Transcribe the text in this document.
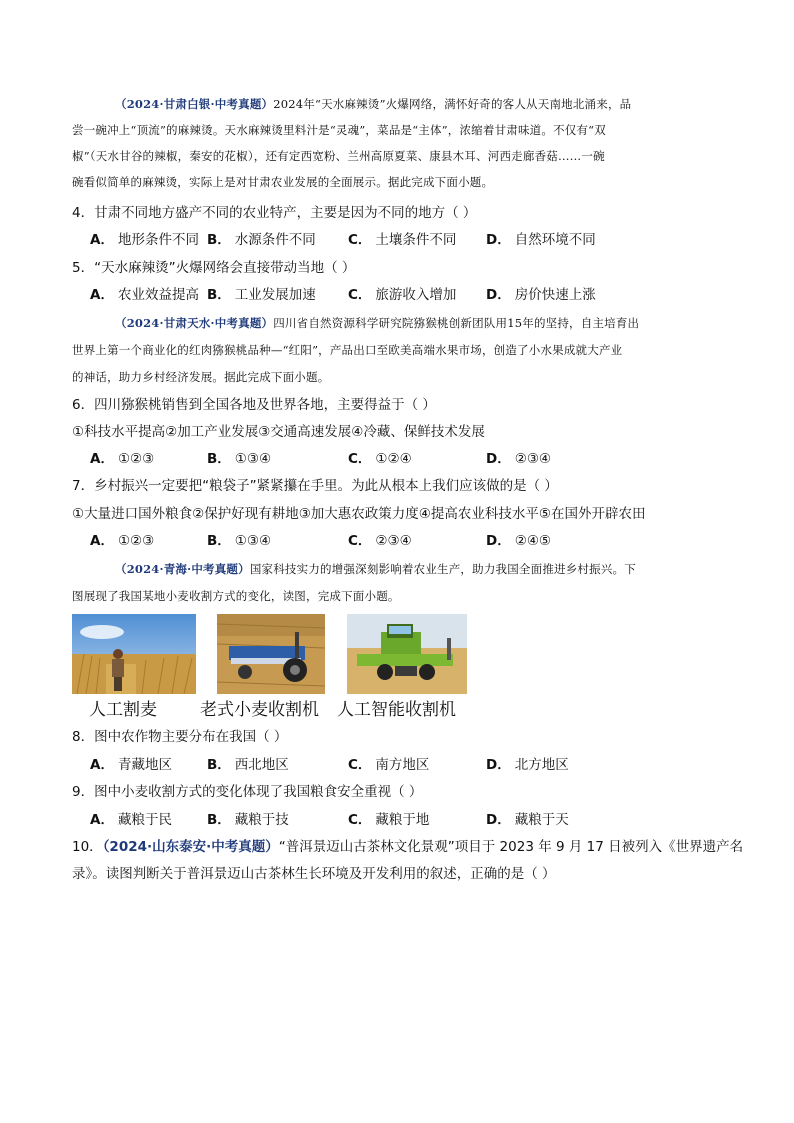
（2024·甘肃白银·中考真题）2024年“天水麻辣烫”火爆网络，满怀好奇的客人从天南地北涌来，品
尝一碗冲上“顶流”的麻辣烫。天水麻辣烫里料汁是“灵魂”，菜品是“主体”，浓缩着甘肃味道。不仅有“双
椒”（天水甘谷的辣椒，秦安的花椒），还有定西宽粉、兰州高原夏菜、康县木耳、河西走廊香菇……一碗
碗看似简单的麻辣烫，实际上是对甘肃农业发展的全面展示。据此完成下面小题。
4．甘肃不同地方盛产不同的农业特产，主要是因为不同的地方（ ）
A． 地形条件不同 B． 水源条件不同 C． 土壤条件不同 D． 自然环境不同
5．“天水麻辣烫”火爆网络会直接带动当地（ ）
A． 农业效益提高 B． 工业发展加速 C． 旅游收入增加 D． 房价快速上涨
（2024·甘肃天水·中考真题）四川省自然资源科学研究院猕猴桃创新团队用15年的坚持，自主培育出
世界上第一个商业化的红肉猕猴桃品种—“红阳”，产品出口至欧美高端水果市场，创造了小水果成就大产业
的神话，助力乡村经济发展。据此完成下面小题。
6．四川猕猴桃销售到全国各地及世界各地，主要得益于（ ）
①科技水平提高②加工产业发展③交通高速发展④冷藏、保鲜技术发展
A． ①②③	B． ①③④	C． ①②④	D． ②③④
7．乡村振兴一定要把“粮袋子”紧紧攥在手里。为此从根本上我们应该做的是（ ）
①大量进口国外粮食②保护好现有耕地③加大惠农政策力度④提高农业科技水平⑤在国外开辟农田
A． ①②③	B． ①③④	C． ②③④	D． ②④⑤
（2024·青海·中考真题）国家科技实力的增强深刻影响着农业生产，助力我国全面推进乡村振兴。下
图展现了我国某地小麦收割方式的变化，读图，完成下面小题。
人工割麦	老式小麦收割机 人工智能收割机
8．图中农作物主要分布在我国（ ）
A． 青藏地区	B． 西北地区	C． 南方地区	D． 北方地区
9．图中小麦收割方式的变化体现了我国粮食安全重视（ ）
A． 藏粮于民	B． 藏粮于技	C． 藏粮于地	D． 藏粮于天
10．（2024·山东泰安·中考真题）“普洱景迈山古茶林文化景观”项目于 2023 年 9 月 17 日被列入《世界遗产名
录》。读图判断关于普洱景迈山古茶林生长环境及开发利用的叙述，正确的是（ ）
